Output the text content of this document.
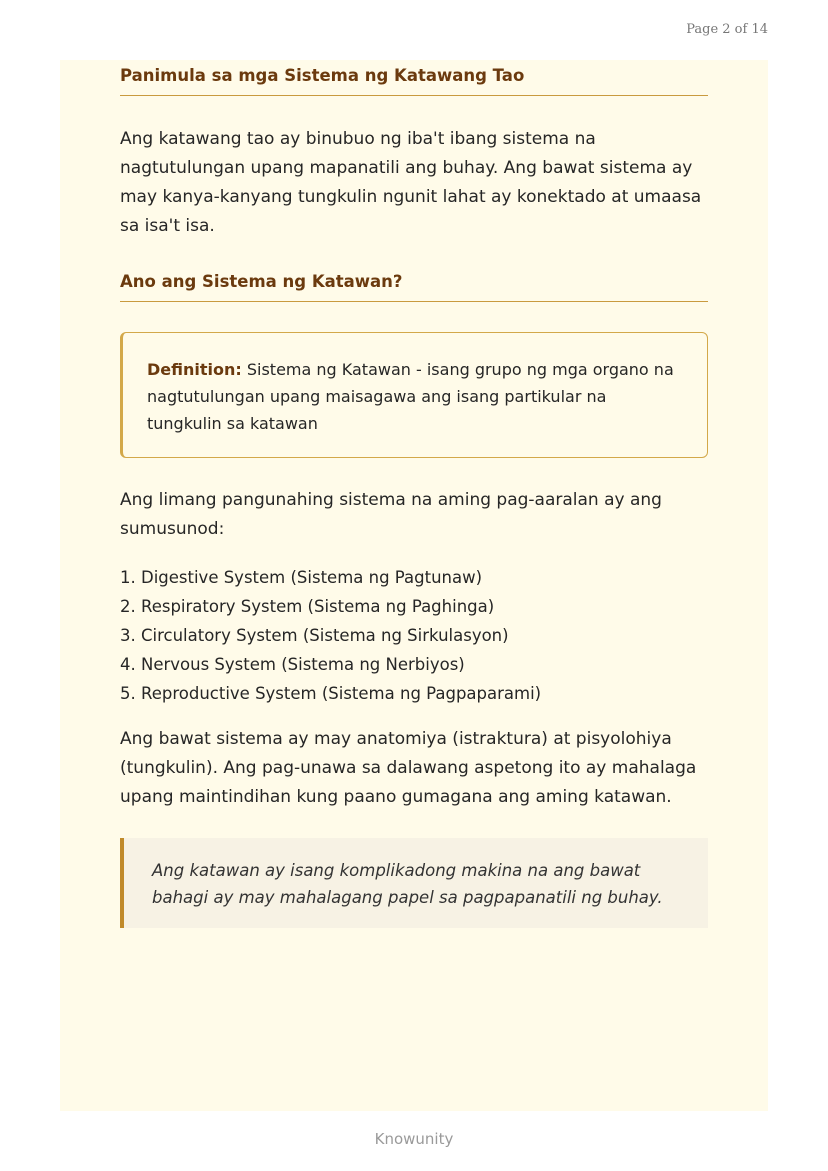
Page 2 of 14
Panimula sa mga Sistema ng Katawang Tao

Ang katawang tao ay binubuo ng iba't ibang sistema na nagtutulungan upang mapanatili ang buhay. Ang bawat sistema ay may kanya-kanyang tungkulin ngunit lahat ay konektado at umaasa sa isa't isa.

Ano ang Sistema ng Katawan?
Definition: Sistema ng Katawan - isang grupo ng mga organo na nagtutulungan upang maisagawa ang isang partikular na tungkulin sa katawan

Ang limang pangunahing sistema na aming pag-aaralan ay ang sumusunod:

1. Digestive System (Sistema ng Pagtunaw)
2. Respiratory System (Sistema ng Paghinga)
3. Circulatory System (Sistema ng Sirkulasyon)
4. Nervous System (Sistema ng Nerbiyos)
5. Reproductive System (Sistema ng Pagpaparami)

Ang bawat sistema ay may anatomiya (istraktura) at pisyolohiya (tungkulin). Ang pag-unawa sa dalawang aspetong ito ay mahalaga upang maintindihan kung paano gumagana ang aming katawan.

Ang katawan ay isang komplikadong makina na ang bawat bahagi ay may mahalagang papel sa pagpapanatili ng buhay.
Knowunity
